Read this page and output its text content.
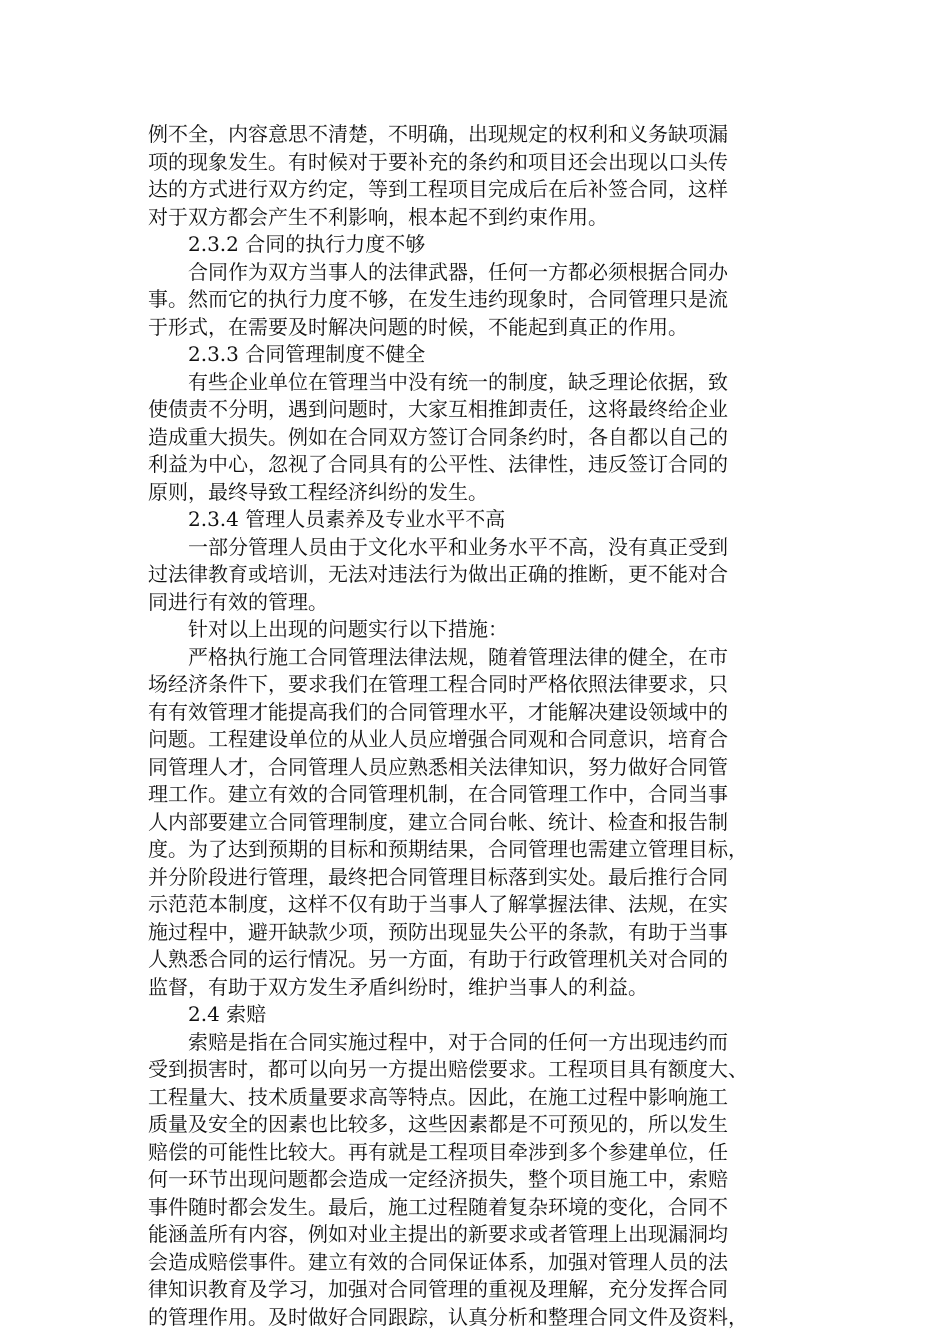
例不全，内容意思不清楚，不明确，出现规定的权利和义务缺项漏
项的现象发生。有时候对于要补充的条约和项目还会出现以口头传
达的方式进行双方约定，等到工程项目完成后在后补签合同，这样
对于双方都会产生不利影响，根本起不到约束作用。
2.3.2 合同的执行力度不够
合同作为双方当事人的法律武器，任何一方都必须根据合同办
事。然而它的执行力度不够，在发生违约现象时，合同管理只是流
于形式，在需要及时解决问题的时候，不能起到真正的作用。
2.3.3 合同管理制度不健全
有些企业单位在管理当中没有统一的制度，缺乏理论依据，致
使债责不分明，遇到问题时，大家互相推卸责任，这将最终给企业
造成重大损失。例如在合同双方签订合同条约时，各自都以自己的
利益为中心，忽视了合同具有的公平性、法律性，违反签订合同的
原则，最终导致工程经济纠纷的发生。
2.3.4 管理人员素养及专业水平不高
一部分管理人员由于文化水平和业务水平不高，没有真正受到
过法律教育或培训，无法对违法行为做出正确的推断，更不能对合
同进行有效的管理。
针对以上出现的问题实行以下措施：
严格执行施工合同管理法律法规，随着管理法律的健全，在市
场经济条件下，要求我们在管理工程合同时严格依照法律要求，只
有有效管理才能提高我们的合同管理水平，才能解决建设领域中的
问题。工程建设单位的从业人员应增强合同观和合同意识，培育合
同管理人才，合同管理人员应熟悉相关法律知识，努力做好合同管
理工作。建立有效的合同管理机制，在合同管理工作中，合同当事
人内部要建立合同管理制度，建立合同台帐、统计、检查和报告制
度。为了达到预期的目标和预期结果，合同管理也需建立管理目标，
并分阶段进行管理，最终把合同管理目标落到实处。最后推行合同
示范范本制度，这样不仅有助于当事人了解掌握法律、法规，在实
施过程中，避开缺款少项，预防出现显失公平的条款，有助于当事
人熟悉合同的运行情况。另一方面，有助于行政管理机关对合同的
监督，有助于双方发生矛盾纠纷时，维护当事人的利益。
2.4 索赔
索赔是指在合同实施过程中，对于合同的任何一方出现违约而
受到损害时，都可以向另一方提出赔偿要求。工程项目具有额度大、
工程量大、技术质量要求高等特点。因此，在施工过程中影响施工
质量及安全的因素也比较多，这些因素都是不可预见的，所以发生
赔偿的可能性比较大。再有就是工程项目牵涉到多个参建单位，任
何一环节出现问题都会造成一定经济损失，整个项目施工中，索赔
事件随时都会发生。最后，施工过程随着复杂环境的变化，合同不
能涵盖所有内容，例如对业主提出的新要求或者管理上出现漏洞均
会造成赔偿事件。建立有效的合同保证体系，加强对管理人员的法
律知识教育及学习，加强对合同管理的重视及理解，充分发挥合同
的管理作用。及时做好合同跟踪，认真分析和整理合同文件及资料，
